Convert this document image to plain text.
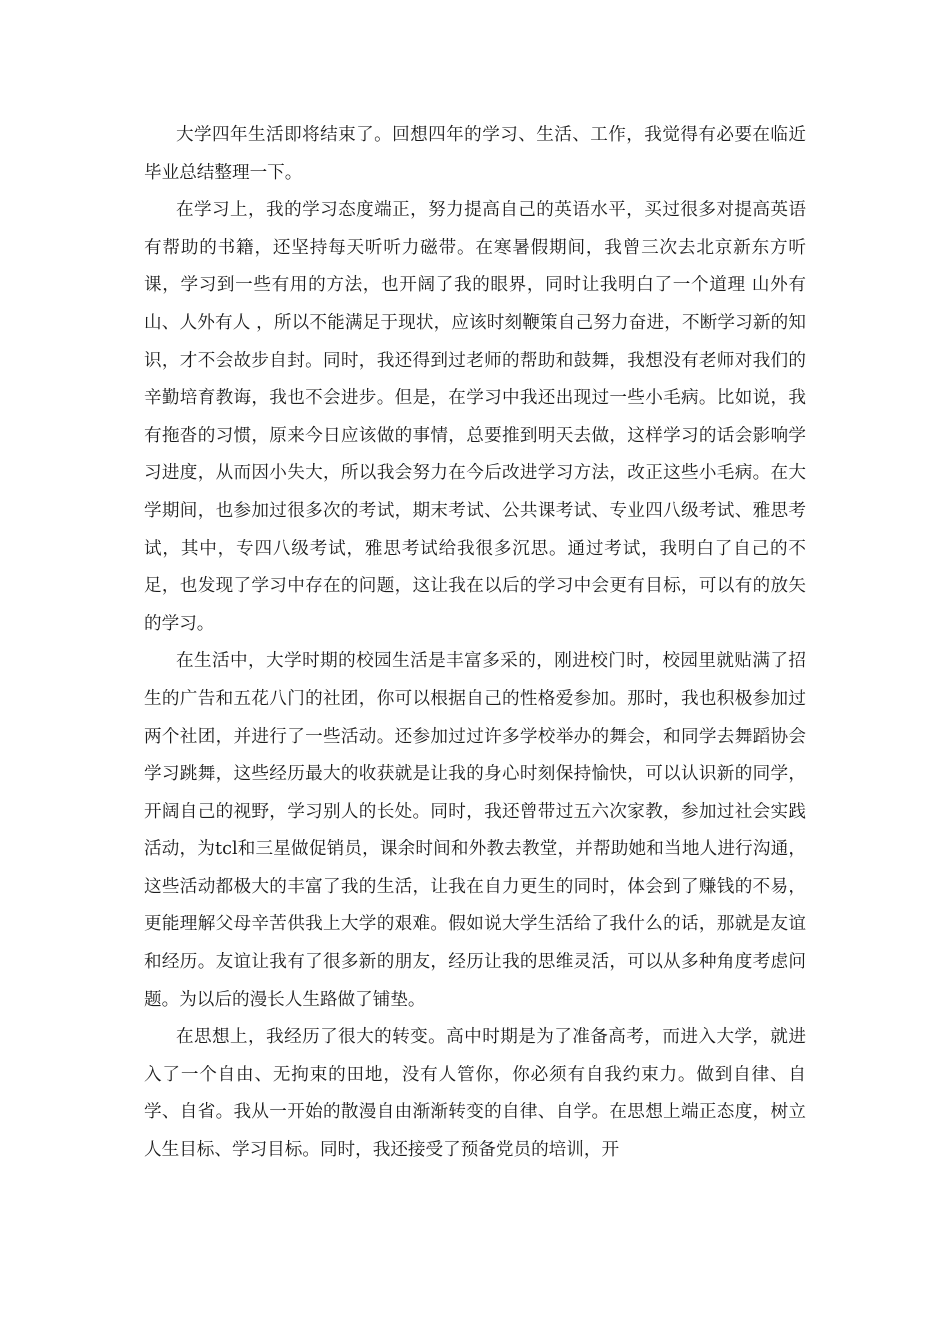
大学四年生活即将结束了。回想四年的学习、生活、工作，我觉得有必要在临近毕业总结整理一下。

在学习上，我的学习态度端正，努力提高自己的英语水平，买过很多对提高英语有帮助的书籍，还坚持每天听听力磁带。在寒暑假期间，我曾三次去北京新东方听课，学习到一些有用的方法，也开阔了我的眼界，同时让我明白了一个道理 山外有山、人外有人 ，所以不能满足于现状，应该时刻鞭策自己努力奋进，不断学习新的知识，才不会故步自封。同时，我还得到过老师的帮助和鼓舞，我想没有老师对我们的辛勤培育教诲，我也不会进步。但是，在学习中我还出现过一些小毛病。比如说，我有拖沓的习惯，原来今日应该做的事情，总要推到明天去做，这样学习的话会影响学习进度，从而因小失大，所以我会努力在今后改进学习方法，改正这些小毛病。在大学期间，也参加过很多次的考试，期末考试、公共课考试、专业四八级考试、雅思考试，其中，专四八级考试，雅思考试给我很多沉思。通过考试，我明白了自己的不足，也发现了学习中存在的问题，这让我在以后的学习中会更有目标，可以有的放矢的学习。

在生活中，大学时期的校园生活是丰富多采的，刚进校门时，校园里就贴满了招生的广告和五花八门的社团，你可以根据自己的性格爱参加。那时，我也积极参加过两个社团，并进行了一些活动。还参加过过许多学校举办的舞会，和同学去舞蹈协会学习跳舞，这些经历最大的收获就是让我的身心时刻保持愉快，可以认识新的同学，开阔自己的视野，学习别人的长处。同时，我还曾带过五六次家教，参加过社会实践活动，为tcl和三星做促销员，课余时间和外教去教堂，并帮助她和当地人进行沟通，这些活动都极大的丰富了我的生活，让我在自力更生的同时，体会到了赚钱的不易，更能理解父母辛苦供我上大学的艰难。假如说大学生活给了我什么的话，那就是友谊和经历。友谊让我有了很多新的朋友，经历让我的思维灵活，可以从多种角度考虑问题。为以后的漫长人生路做了铺垫。

在思想上，我经历了很大的转变。高中时期是为了准备高考，而进入大学，就进入了一个自由、无拘束的田地，没有人管你，你必须有自我约束力。做到自律、自学、自省。我从一开始的散漫自由渐渐转变的自律、自学。在思想上端正态度，树立人生目标、学习目标。同时，我还接受了预备党员的培训，开
